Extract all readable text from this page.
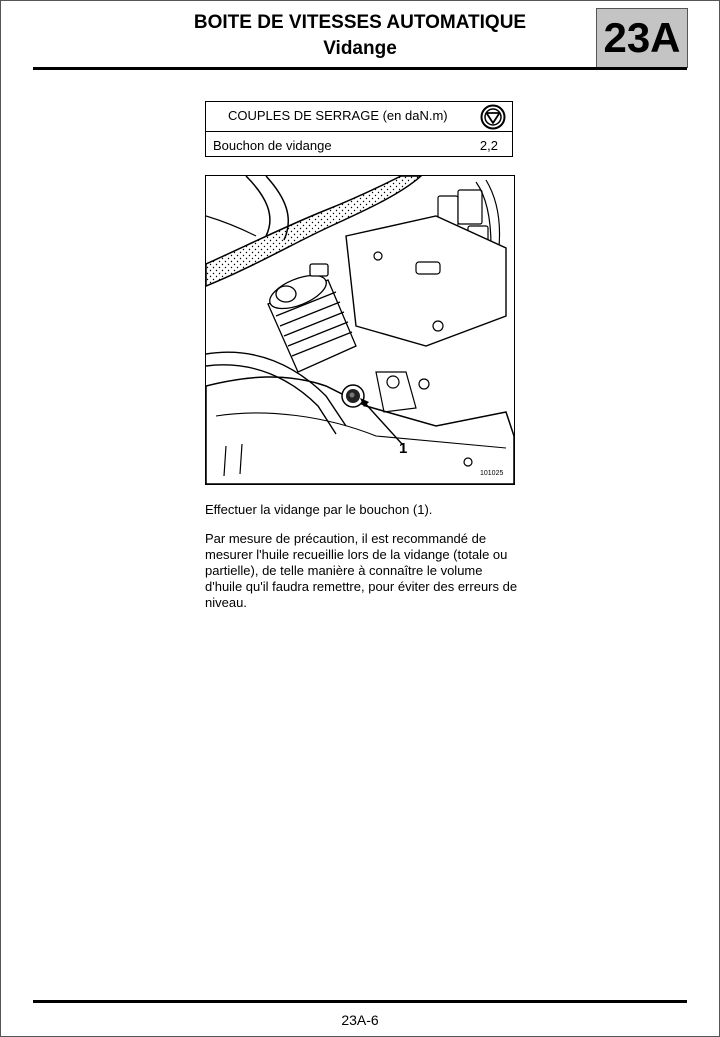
BOITE DE VITESSES AUTOMATIQUE
Vidange	23A
COUPLES DE SERRAGE (en daN.m)
Bouchon de vidange	2,2
1
101025
Effectuer la vidange par le bouchon (1).
Par mesure de précaution, il est recommandé de mesurer l'huile recueillie lors de la vidange (totale ou partielle), de telle manière à connaître le volume d'huile qu'il faudra remettre, pour éviter des erreurs de niveau.
23A-6
